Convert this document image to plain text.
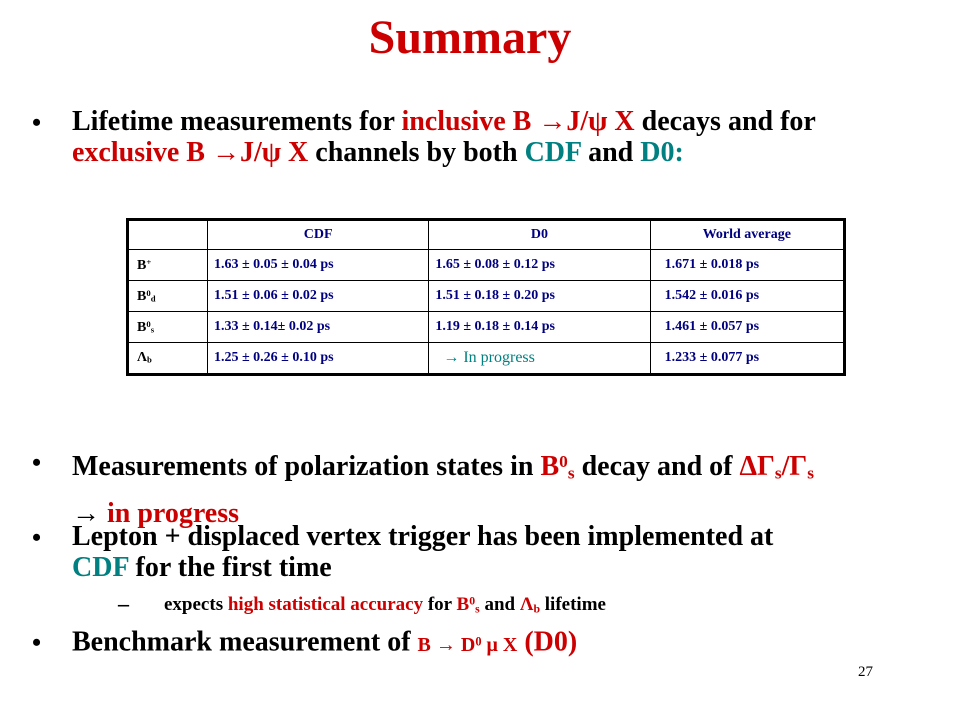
Summary
• Lifetime measurements for inclusive B →J/ψ X decays and for
exclusive B →J/ψ X channels by both CDF and D0:
	CDF	D0	World average
B+	1.63 ± 0.05 ± 0.04 ps	1.65 ± 0.08 ± 0.12 ps	1.671 ± 0.018 ps
$B^0_d$	1.51 ± 0.06 ± 0.02 ps	1.51 ± 0.18 ± 0.20 ps	1.542 ± 0.016 ps
$B^0_s$	1.33 ± 0.14± 0.02 ps	1.19 ± 0.18 ± 0.14 ps	1.461 ± 0.057 ps
$\Lambda_b$	1.25 ± 0.26 ± 0.10 ps	→ In progress	1.233 ± 0.077 ps
• Measurements of polarization states in $B^0_s$ decay and of $\Delta\Gamma_s/\Gamma_s$
→ in progress
• Lepton + displaced vertex trigger has been implemented at
CDF for the first time
– expects high statistical accuracy for $B^0_s$ and $\Lambda_b$ lifetime
• Benchmark measurement of $B \to D^0$ μ X (D0)
27
